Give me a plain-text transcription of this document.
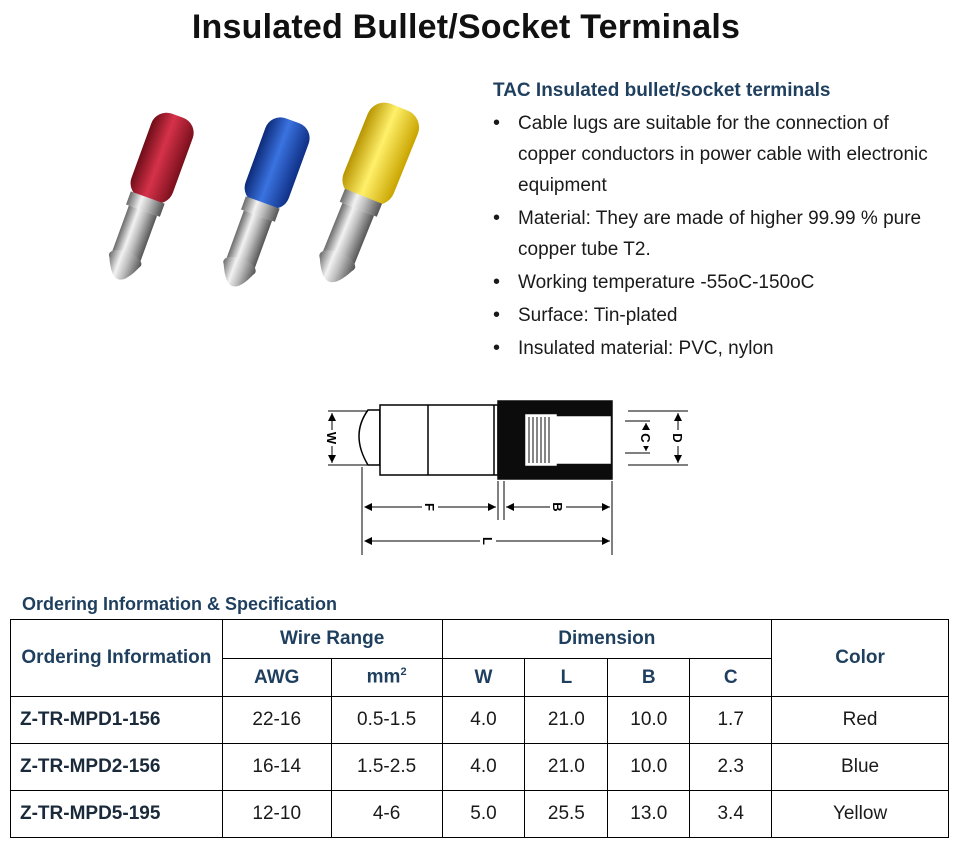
Insulated Bullet/Socket Terminals
TAC Insulated bullet/socket terminals
• Cable lugs are suitable for the connection of copper conductors in power cable with electronic equipment
• Material: They are made of higher 99.99 % pure copper tube T2.
• Working temperature -55oC-150oC
• Surface: Tin-plated
• Insulated material: PVC, nylon
W
F	B
L
C D
Ordering Information & Specification
Ordering Information	Wire Range		Dimension				Color
	AWG	$mm^2$	W	L	B	C	
Z-TR-MPD1-156	22-16	0.5-1.5	4.0	21.0	10.0	1.7	Red
Z-TR-MPD2-156	16-14	1.5-2.5	4.0	21.0	10.0	2.3	Blue
Z-TR-MPD5-195	12-10	4-6	5.0	25.5	13.0	3.4	Yellow
